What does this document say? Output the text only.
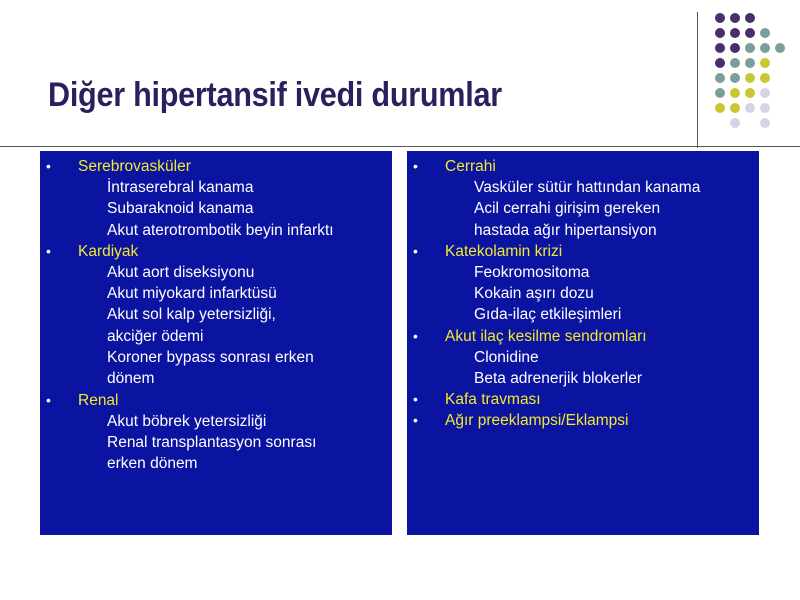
Diğer hipertansif ivedi durumlar
• Serebrovasküler
İntraserebral kanama
Subaraknoid kanama
Akut aterotrombotik beyin infarktı
• Kardiyak
Akut aort diseksiyonu
Akut miyokard infarktüsü
Akut sol kalp yetersizliği,
akciğer ödemi
Koroner bypass sonrası erken
dönem
• Renal
Akut böbrek yetersizliği
Renal transplantasyon sonrası
erken dönem
• Cerrahi
Vasküler sütür hattından kanama
Acil cerrahi girişim gereken
hastada ağır hipertansiyon
• Katekolamin krizi
Feokromositoma
Kokain aşırı dozu
Gıda-ilaç etkileşimleri
• Akut ilaç kesilme sendromları
Clonidine
Beta adrenerjik blokerler
• Kafa travması
• Ağır preeklampsi/Eklampsi
